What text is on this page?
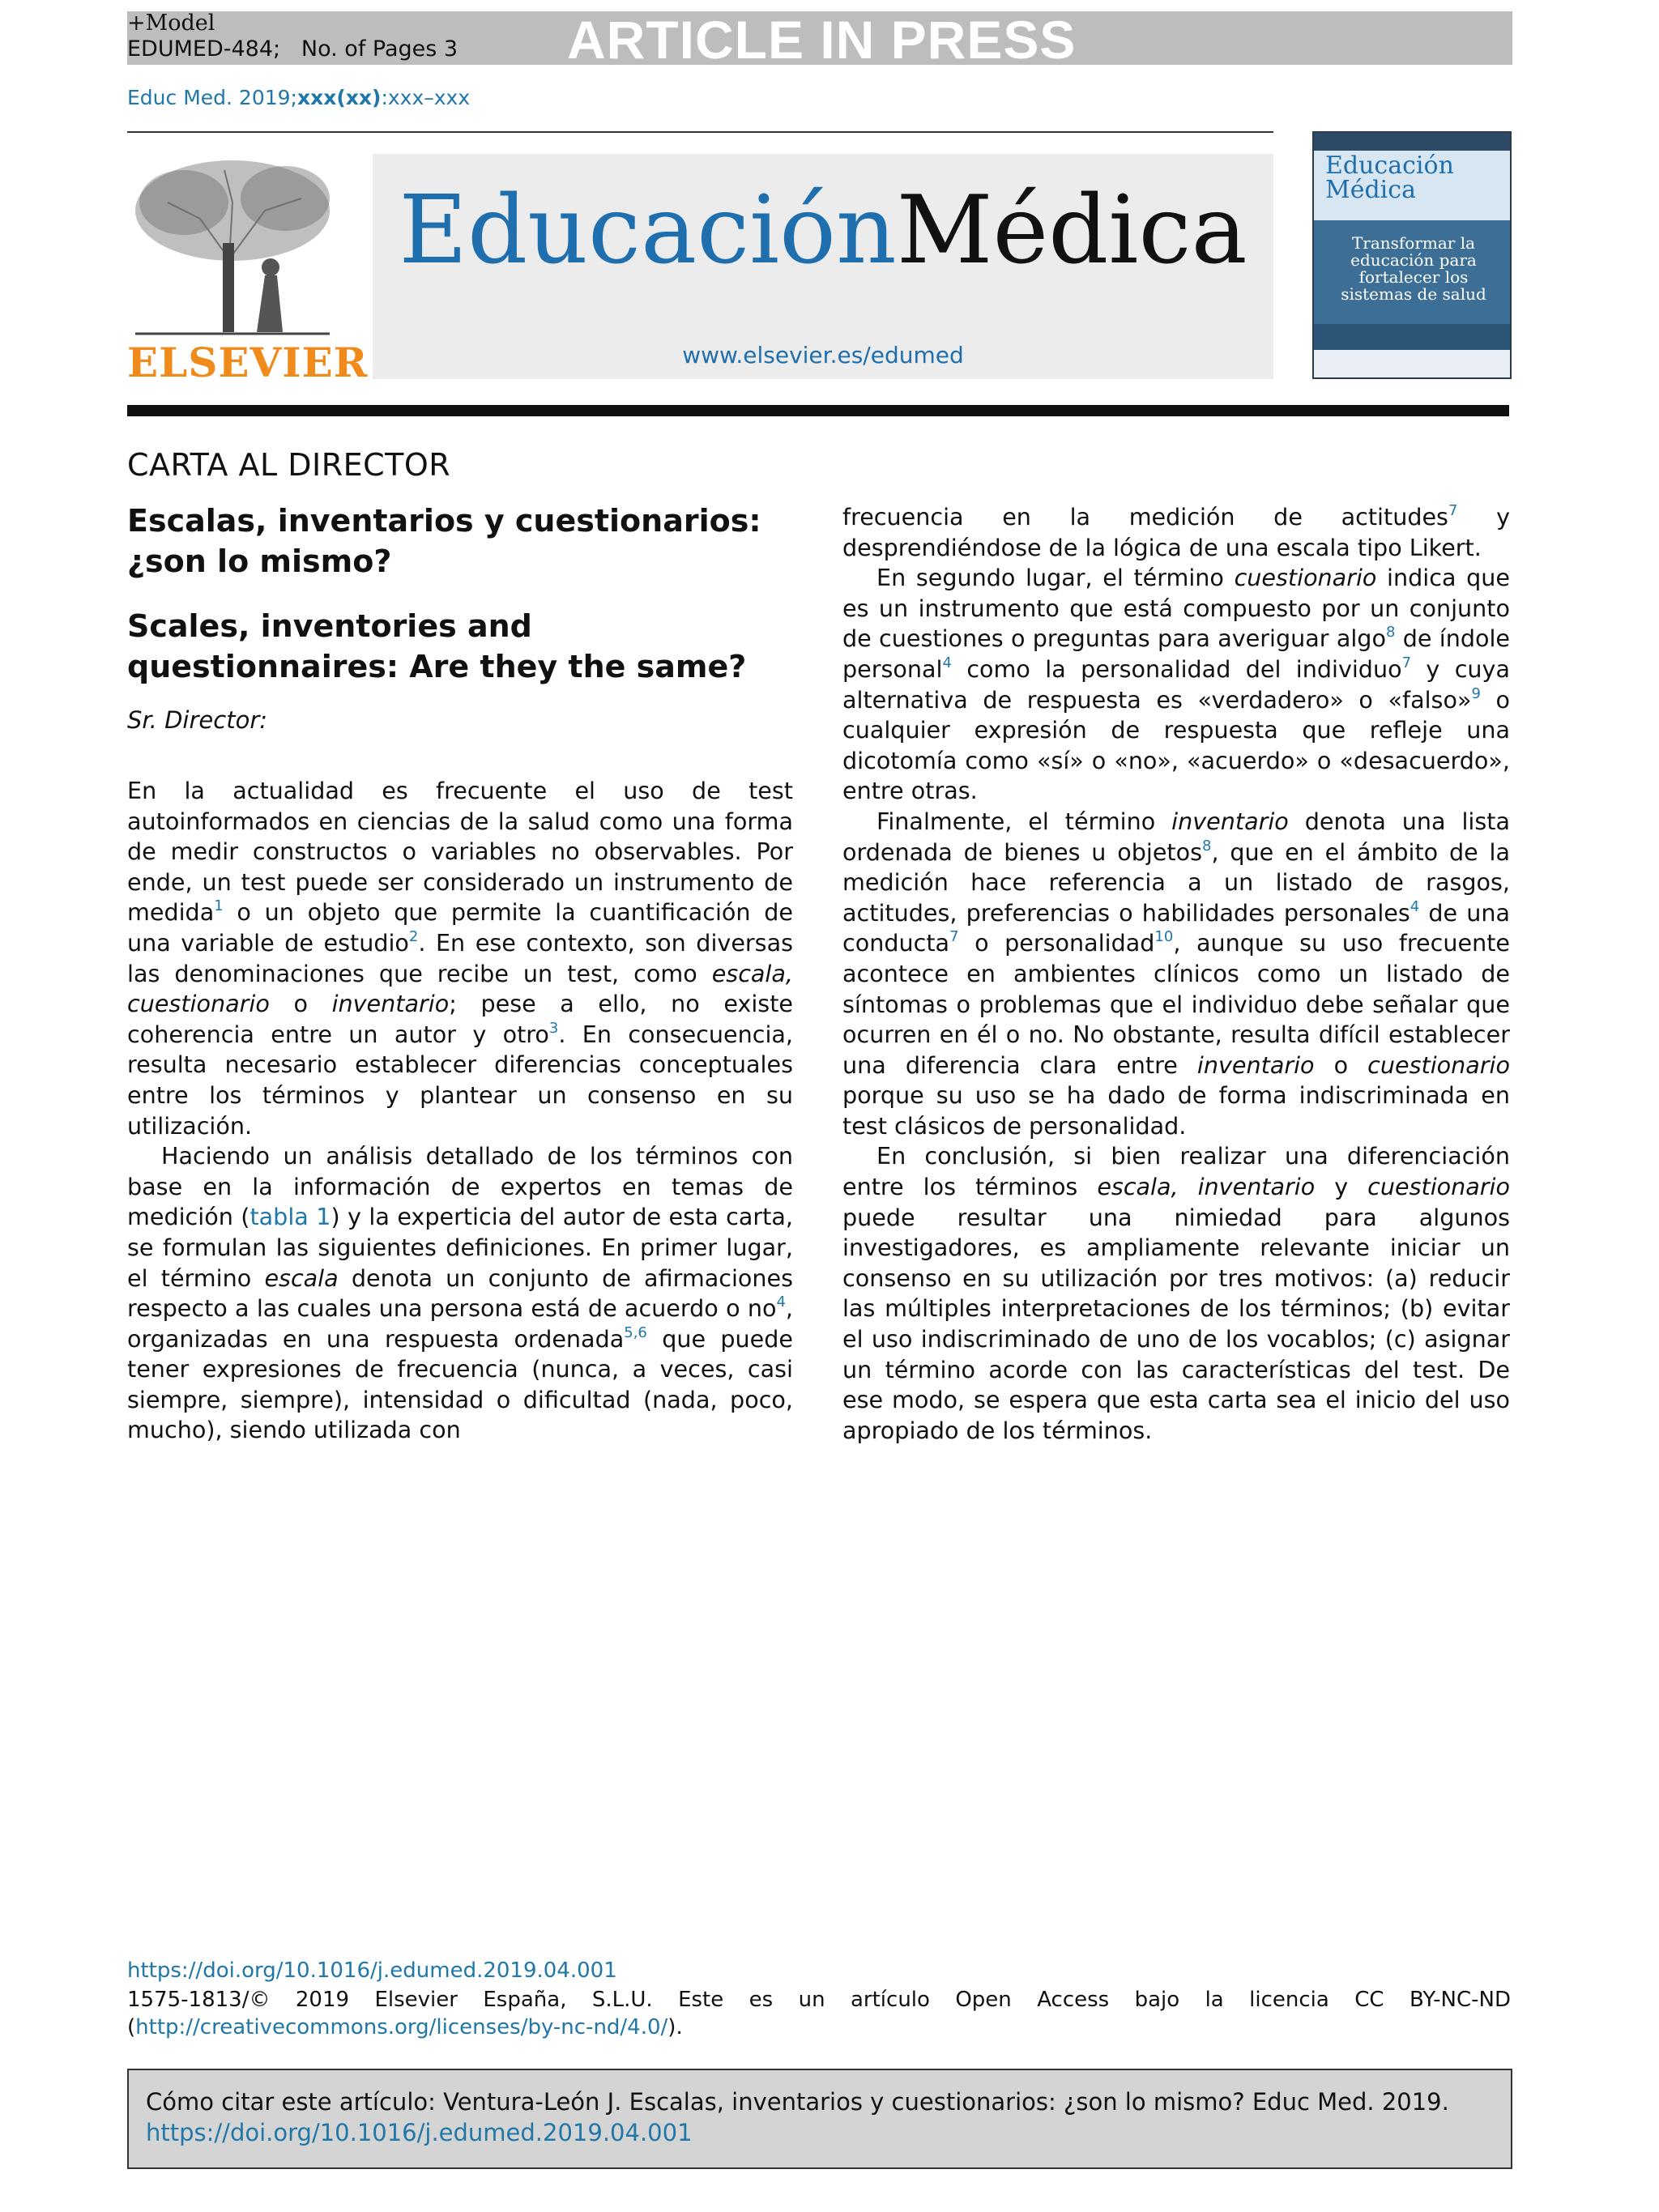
+Model
EDUMED-484; No. of Pages 3 ARTICLE IN PRESS
Educ Med. 2019;xxx(xx):xxx–xxx
ELSEVIER
EducaciónMédica
www.elsevier.es/edumed
Educación
Médica
Transformar la educación para fortalecer los sistemas de salud
CARTA AL DIRECTOR
Escalas, inventarios y cuestionarios: ¿son lo mismo?
Scales, inventories and questionnaires: Are they the same?
Sr. Director:

En la actualidad es frecuente el uso de test autoinformados en ciencias de la salud como una forma de medir constructos o variables no observables. Por ende, un test puede ser considerado un instrumento de medida$^1$ o un objeto que permite la cuantificación de una variable de estudio$^2$. En ese contexto, son diversas las denominaciones que recibe un test, como escala, cuestionario o inventario; pese a ello, no existe coherencia entre un autor y otro$^3$. En consecuencia, resulta necesario establecer diferencias conceptuales entre los términos y plantear un consenso en su utilización.

Haciendo un análisis detallado de los términos con base en la información de expertos en temas de medición (tabla 1) y la experticia del autor de esta carta, se formulan las siguientes definiciones. En primer lugar, el término escala denota un conjunto de afirmaciones respecto a las cuales una persona está de acuerdo o $no^4$, organizadas en una respuesta ordenada$^{5,6}$ que puede tener expresiones de frecuencia (nunca, a veces, casi siempre, siempre), intensidad o dificultad (nada, poco, mucho), siendo utilizada con

frecuencia en la medición de actitudes$^7$ y desprendiéndose de la lógica de una escala tipo Likert.

En segundo lugar, el término cuestionario indica que es un instrumento que está compuesto por un conjunto de cuestiones o preguntas para averiguar algo$^8$ de índole personal$^4$ como la personalidad del individuo$^7$ y cuya alternativa de respuesta es «verdadero» o «falso»$^9$ o cualquier expresión de respuesta que refleje una dicotomía como «sí» o «no», «acuerdo» o «desacuerdo», entre otras.

Finalmente, el término inventario denota una lista ordenada de bienes u objetos$^8$, que en el ámbito de la medición hace referencia a un listado de rasgos, actitudes, preferencias o habilidades personales$^4$ de una conducta$^7$ o personalidad$^{10}$, aunque su uso frecuente acontece en ambientes clínicos como un listado de síntomas o problemas que el individuo debe señalar que ocurren en él o no. No obstante, resulta difícil establecer una diferencia clara entre inventario o cuestionario porque su uso se ha dado de forma indiscriminada en test clásicos de personalidad.

En conclusión, si bien realizar una diferenciación entre los términos escala, inventario y cuestionario puede resultar una nimiedad para algunos investigadores, es ampliamente relevante iniciar un consenso en su utilización por tres motivos: (a) reducir las múltiples interpretaciones de los términos; (b) evitar el uso indiscriminado de uno de los vocablos; (c) asignar un término acorde con las características del test. De ese modo, se espera que esta carta sea el inicio del uso apropiado de los términos.

https://doi.org/10.1016/j.edumed.2019.04.001
1575-1813/© 2019 Elsevier España, S.L.U. Este es un artículo Open Access bajo la licencia CC BY-NC-ND (http://creativecommons.org/licenses/by-nc-nd/4.0/).
Cómo citar este artículo: Ventura-León J. Escalas, inventarios y cuestionarios: ¿son lo mismo? Educ Med. 2019.
https://doi.org/10.1016/j.edumed.2019.04.001
